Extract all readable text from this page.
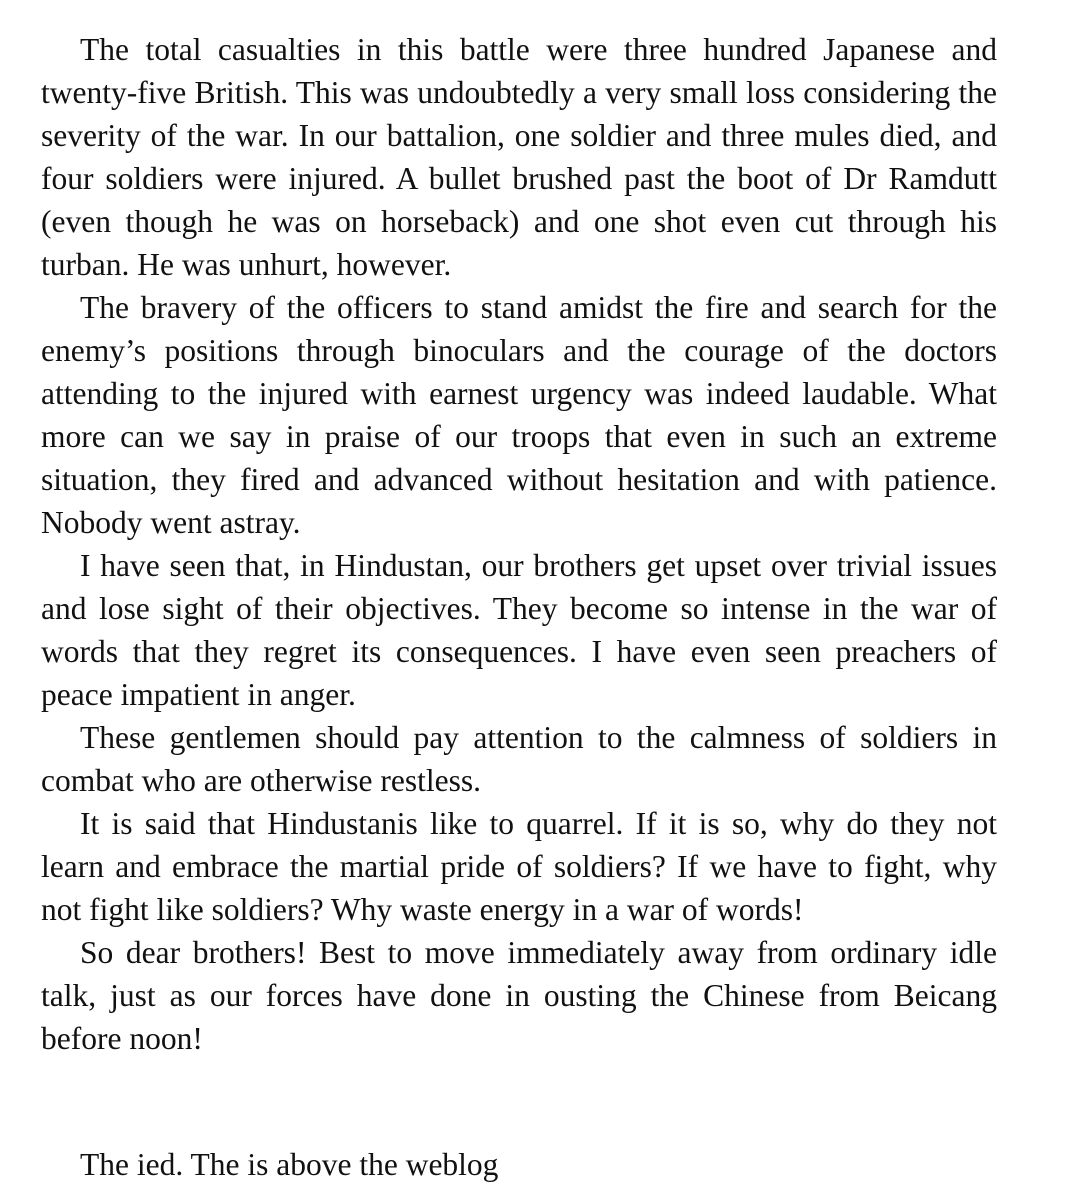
The total casualties in this battle were three hundred Japanese and twenty-five British. This was undoubtedly a very small loss considering the severity of the war. In our battalion, one soldier and three mules died, and four soldiers were injured. A bullet brushed past the boot of Dr Ramdutt (even though he was on horseback) and one shot even cut through his turban. He was unhurt, however.

The bravery of the officers to stand amidst the fire and search for the enemy’s positions through binoculars and the courage of the doctors attending to the injured with earnest urgency was indeed laudable. What more can we say in praise of our troops that even in such an extreme situation, they fired and advanced without hesitation and with patience. Nobody went astray.

I have seen that, in Hindustan, our brothers get upset over trivial issues and lose sight of their objectives. They become so intense in the war of words that they regret its consequences. I have even seen preachers of peace impatient in anger.

These gentlemen should pay attention to the calmness of soldiers in combat who are otherwise restless.

It is said that Hindustanis like to quarrel. If it is so, why do they not learn and embrace the martial pride of soldiers? If we have to fight, why not fight like soldiers? Why waste energy in a war of words!

So dear brothers! Best to move immediately away from ordinary idle talk, just as our forces have done in ousting the Chinese from Beicang before noon!

The ied. The is above the weblog
